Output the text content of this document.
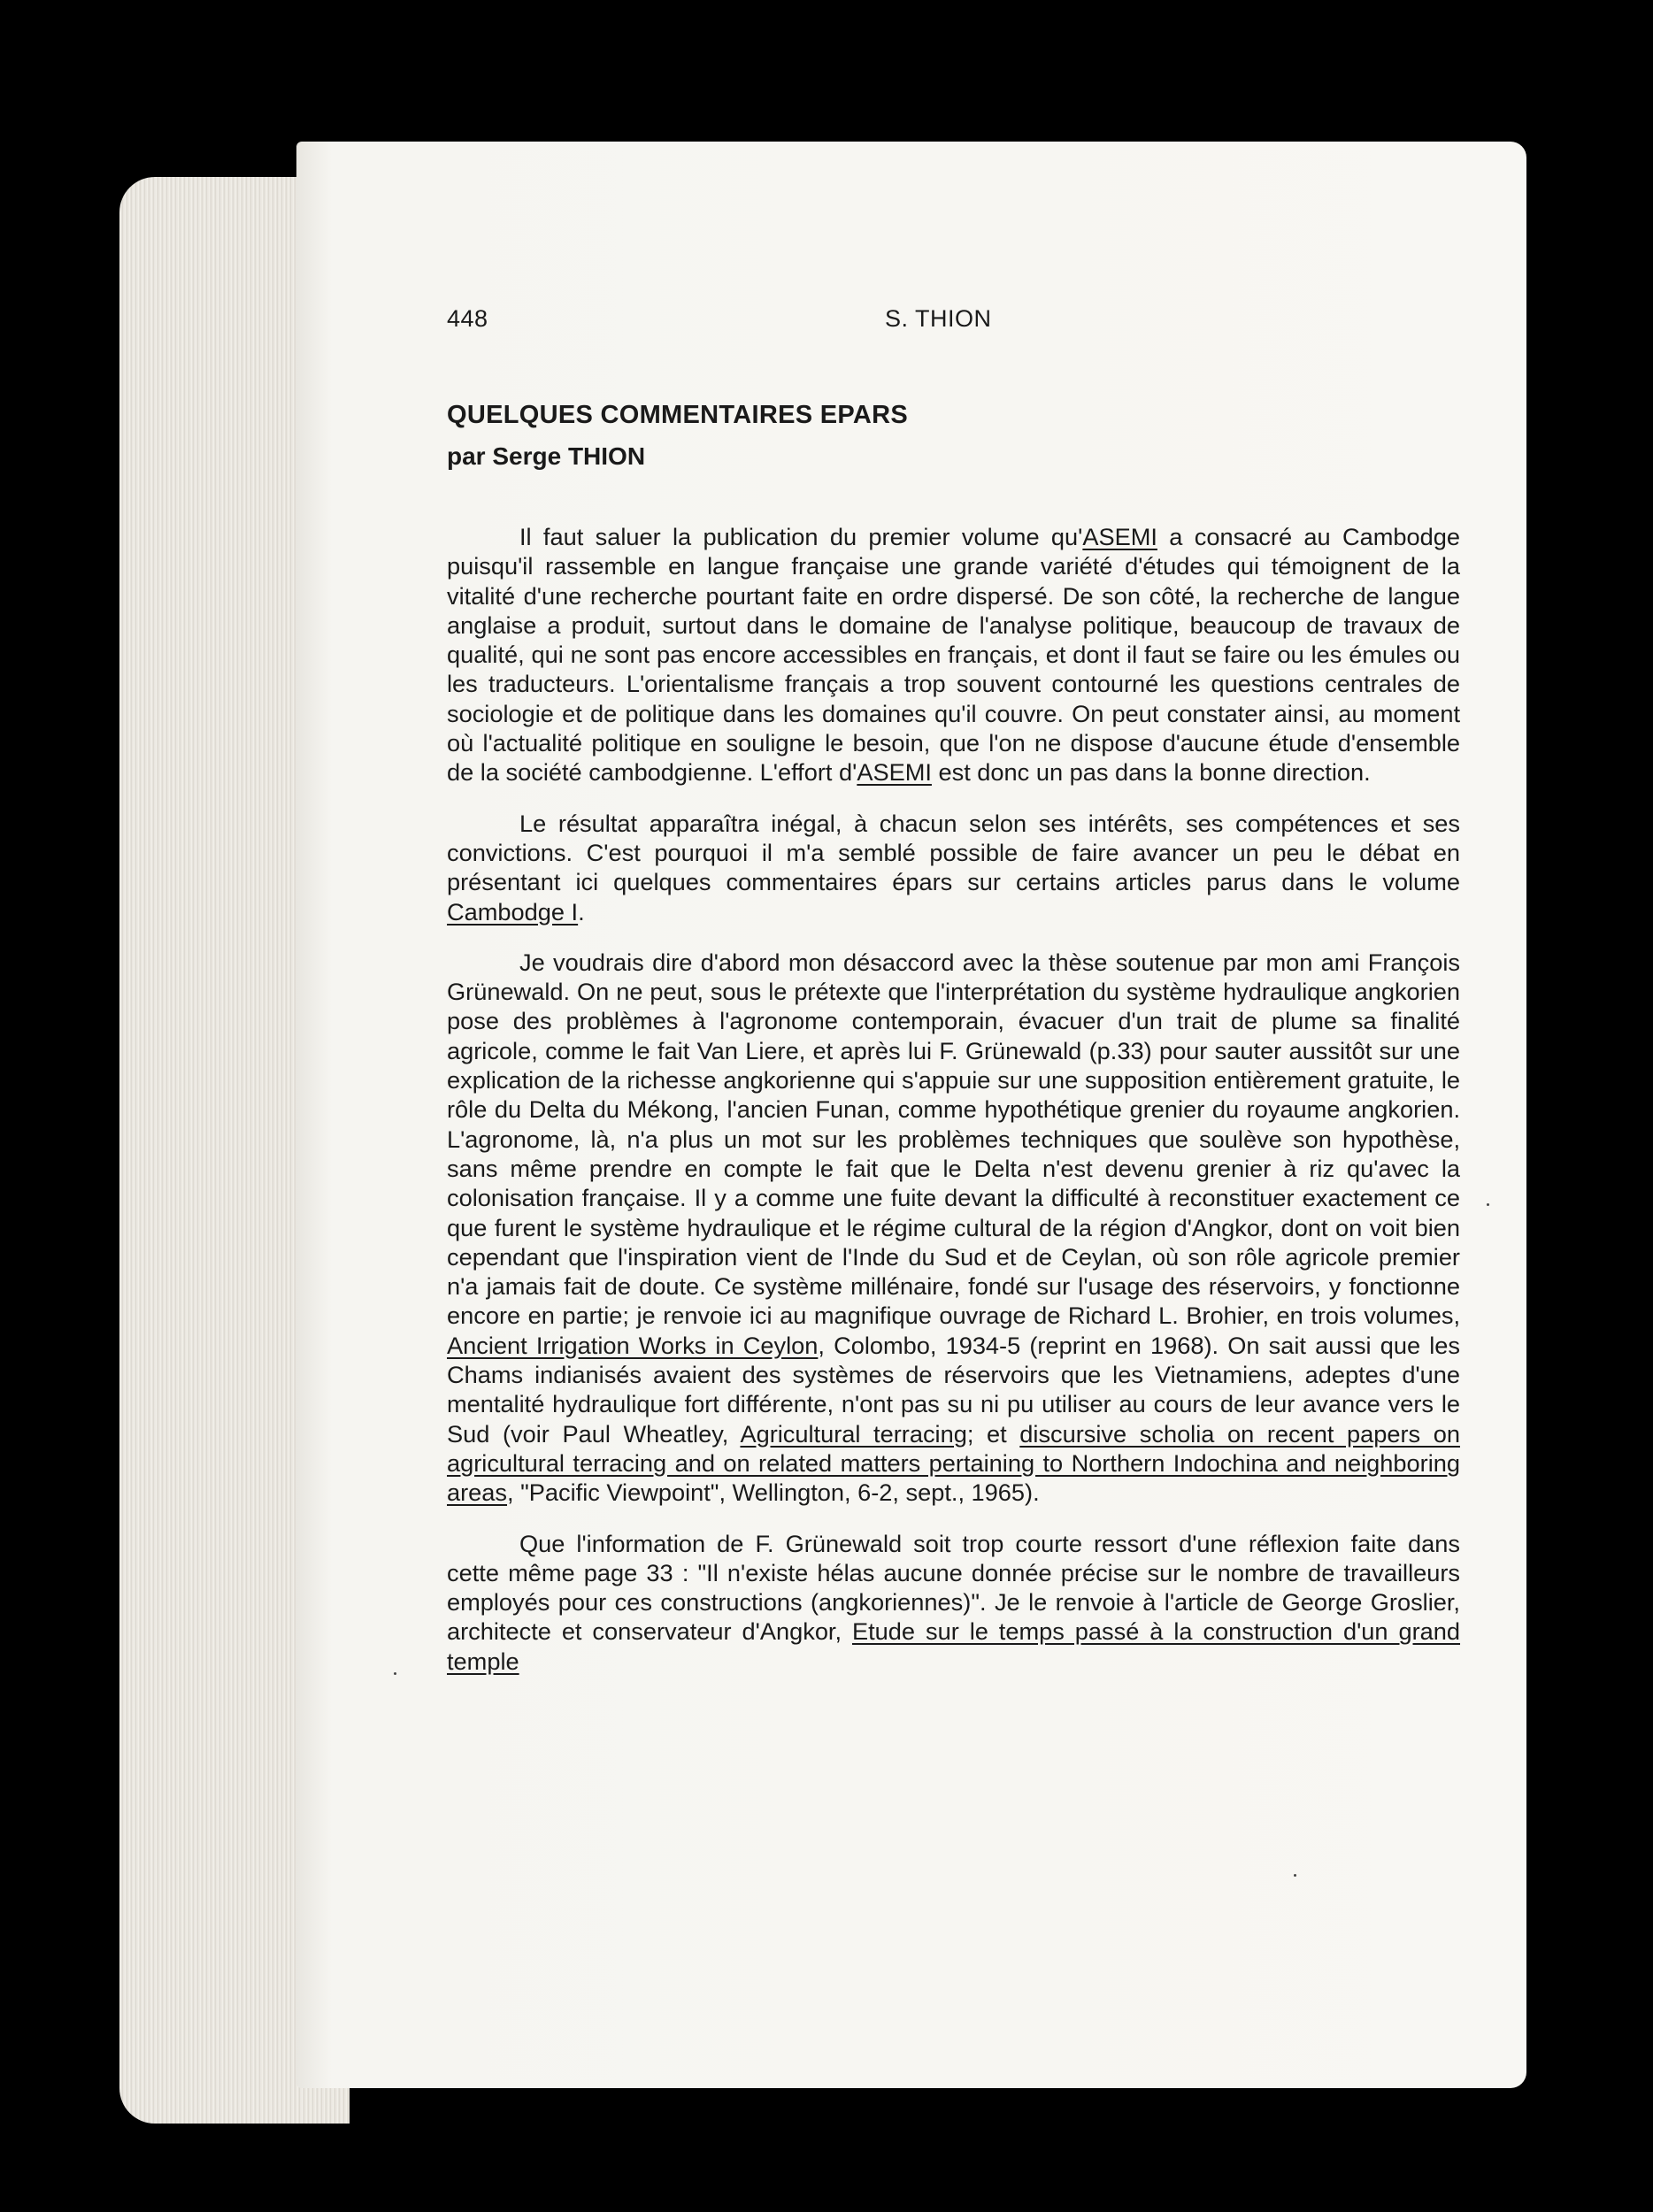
448	S. THION
QUELQUES COMMENTAIRES EPARS
par Serge THION

Il faut saluer la publication du premier volume qu'ASEMI a consacré au Cambodge puisqu'il rassemble en langue française une grande variété d'études qui témoignent de la vitalité d'une recherche pourtant faite en ordre dispersé. De son côté, la recherche de langue anglaise a produit, surtout dans le domaine de l'analyse politique, beaucoup de travaux de qualité, qui ne sont pas encore accessibles en français, et dont il faut se faire ou les émules ou les traducteurs. L'orientalisme français a trop souvent contourné les questions centrales de sociologie et de politique dans les domaines qu'il couvre. On peut constater ainsi, au moment où l'actualité politique en souligne le besoin, que l'on ne dispose d'aucune étude d'ensemble de la société cambodgienne. L'effort d'ASEMI est donc un pas dans la bonne direction.

Le résultat apparaîtra inégal, à chacun selon ses intérêts, ses compétences et ses convictions. C'est pourquoi il m'a semblé possible de faire avancer un peu le débat en présentant ici quelques commentaires épars sur certains articles parus dans le volume Cambodge I.

Je voudrais dire d'abord mon désaccord avec la thèse soutenue par mon ami François Grünewald. On ne peut, sous le prétexte que l'interprétation du système hydraulique angkorien pose des problèmes à l'agronome contemporain, évacuer d'un trait de plume sa finalité agricole, comme le fait Van Liere, et après lui F. Grünewald (p.33) pour sauter aussitôt sur une explication de la richesse angkorienne qui s'appuie sur une supposition entièrement gratuite, le rôle du Delta du Mékong, l'ancien Funan, comme hypothétique grenier du royaume angkorien. L'agronome, là, n'a plus un mot sur les problèmes techniques que soulève son hypothèse, sans même prendre en compte le fait que le Delta n'est devenu grenier à riz qu'avec la colonisation française. Il y a comme une fuite devant la difficulté à reconstituer exactement ce que furent le système hydraulique et le régime cultural de la région d'Angkor, dont on voit bien cependant que l'inspiration vient de l'Inde du Sud et de Ceylan, où son rôle agricole premier n'a jamais fait de doute. Ce système millénaire, fondé sur l'usage des réservoirs, y fonctionne encore en partie; je renvoie ici au magnifique ouvrage de Richard L. Brohier, en trois volumes, Ancient Irrigation Works in Ceylon, Colombo, 1934-5 (reprint en 1968). On sait aussi que les Chams indianisés avaient des systèmes de réservoirs que les Vietnamiens, adeptes d'une mentalité hydraulique fort différente, n'ont pas su ni pu utiliser au cours de leur avance vers le Sud (voir Paul Wheatley, Agricultural terracing; et discursive scholia on recent papers on agricultural terracing and on related matters pertaining to Northern Indochina and neighboring areas, "Pacific Viewpoint", Wellington, 6-2, sept., 1965).

Que l'information de F. Grünewald soit trop courte ressort d'une réflexion faite dans cette même page 33 : "Il n'existe hélas aucune donnée précise sur le nombre de travailleurs employés pour ces constructions (angkoriennes)". Je le renvoie à l'article de George Groslier, architecte et conservateur d'Angkor, Etude sur le temps passé à la construction d'un grand temple
